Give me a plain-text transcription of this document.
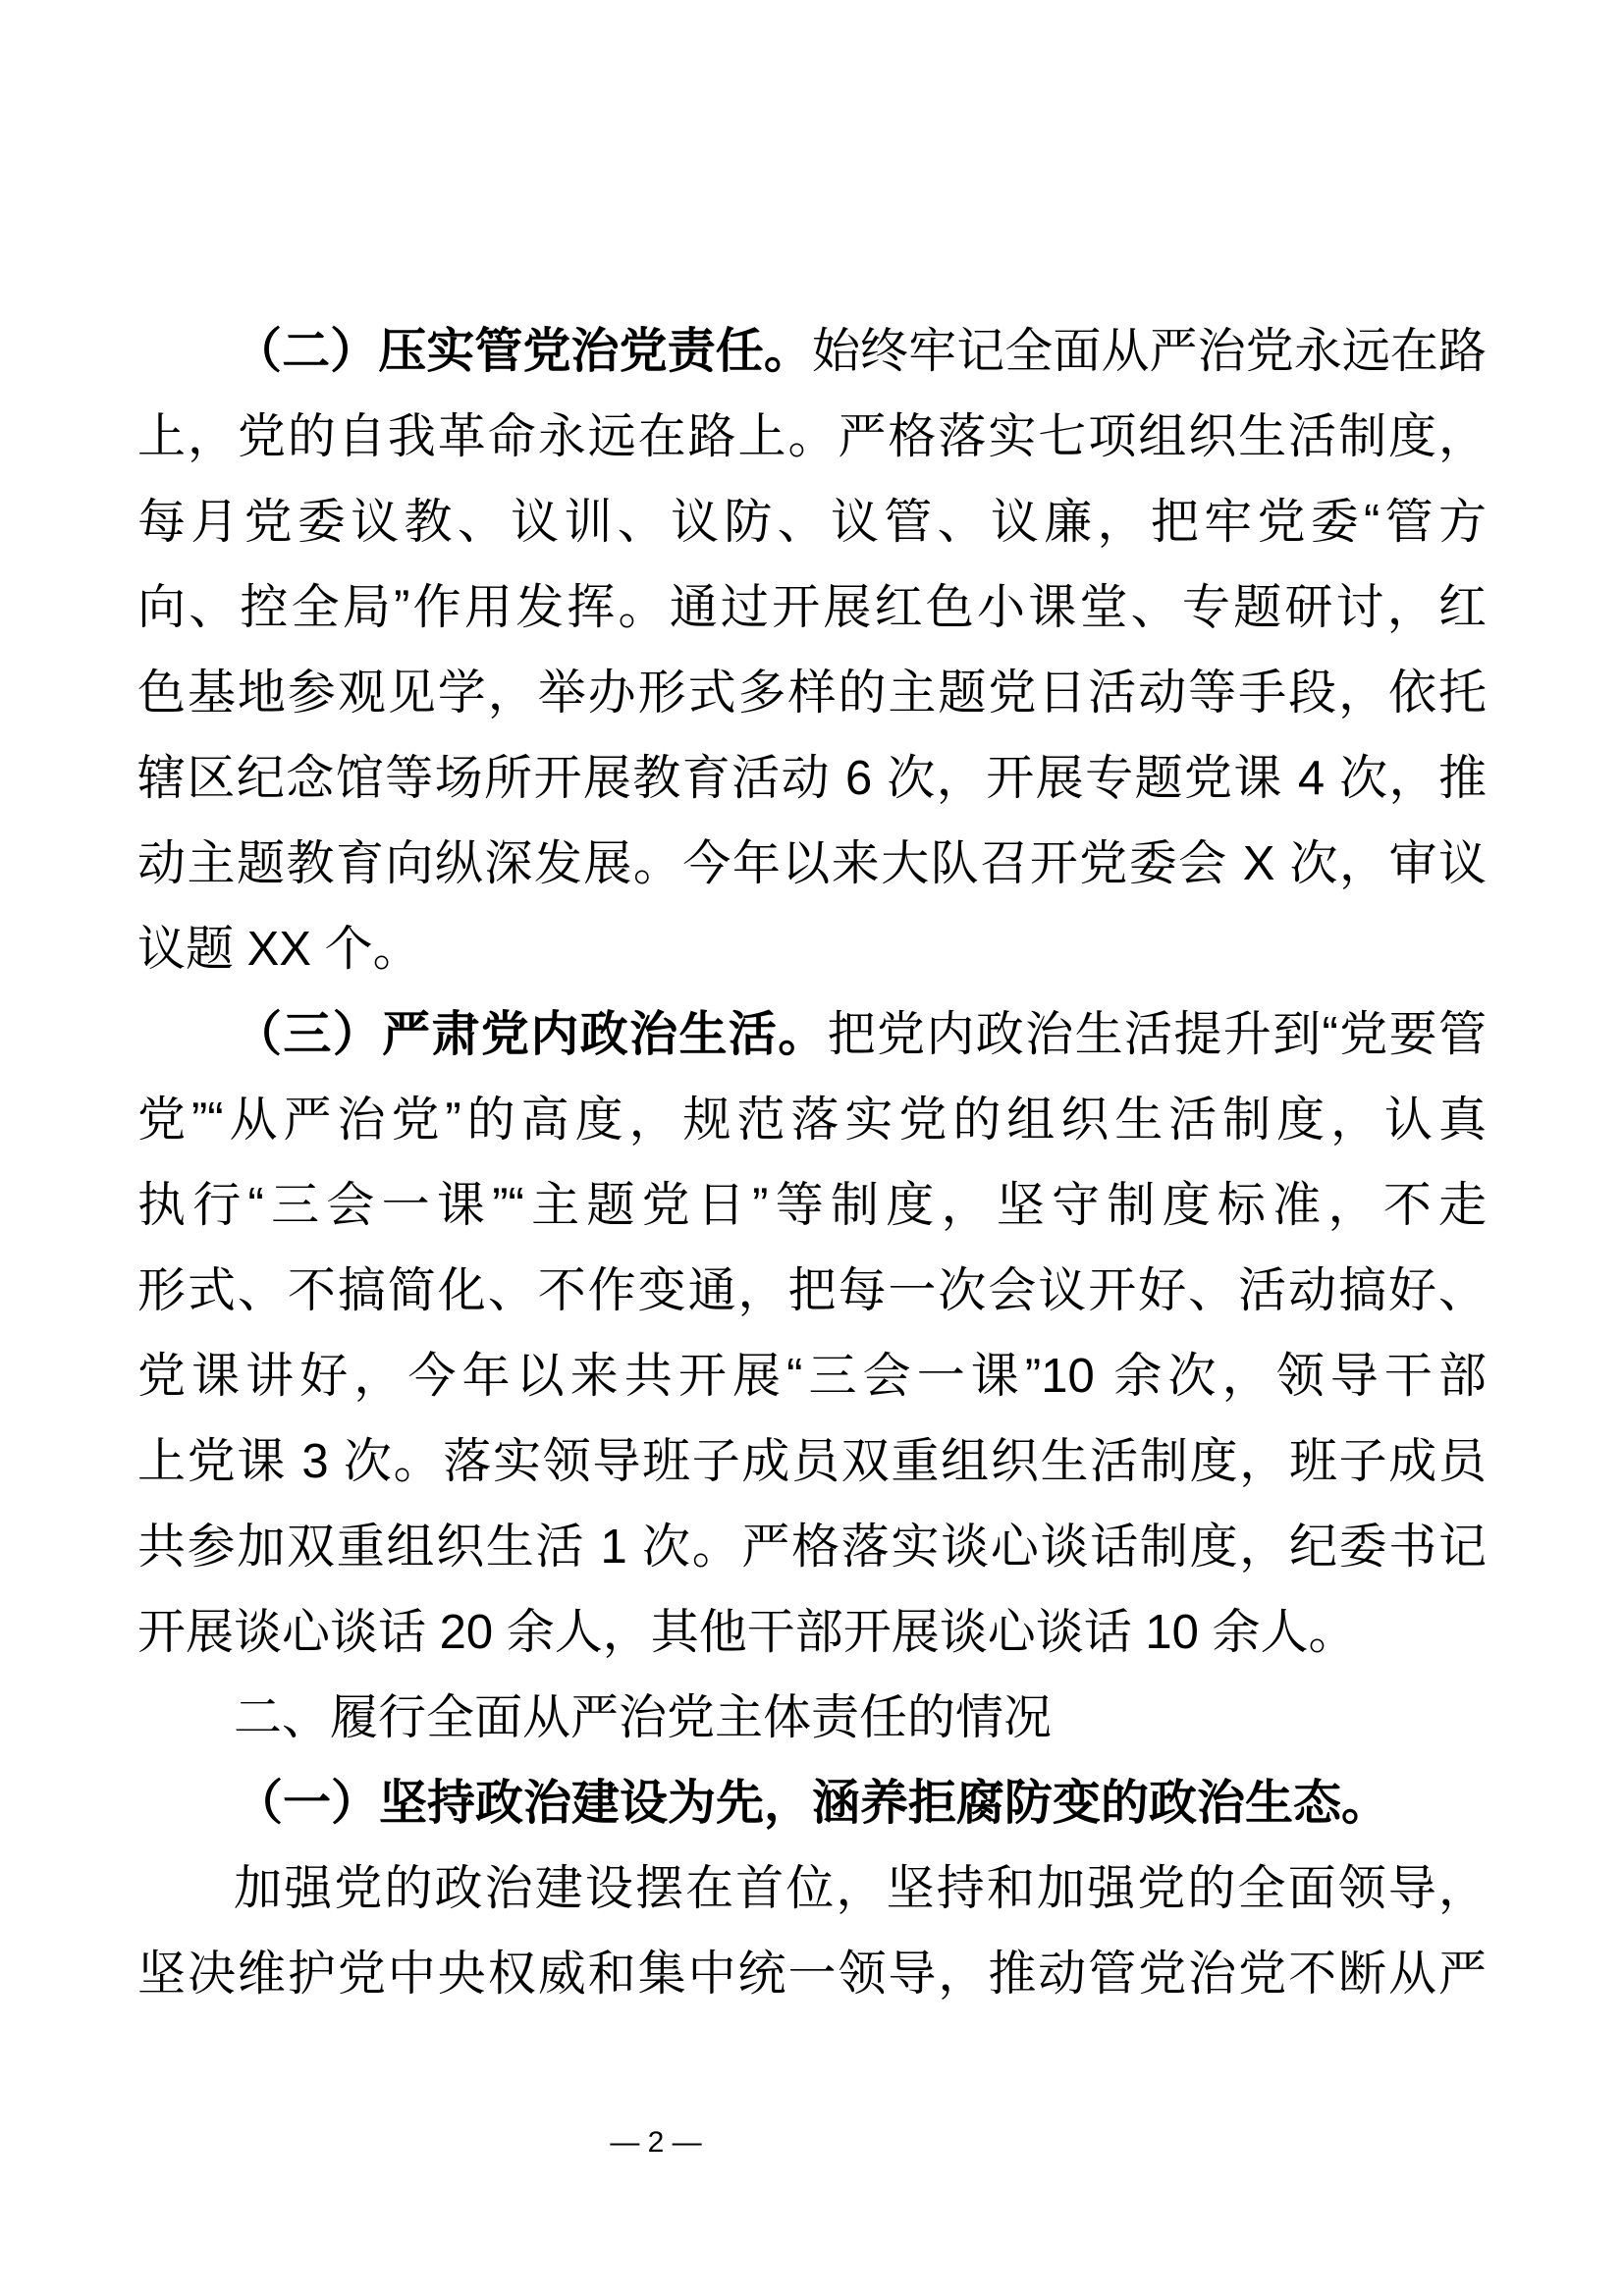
（二）压实管党治党责任。始终牢记全面从严治党永远在路
上，党的自我革命永远在路上。严格落实七项组织生活制度，
每月党委议教、议训、议防、议管、议廉，把牢党委“管方
向、控全局”作用发挥。通过开展红色小课堂、专题研讨，红
色基地参观见学，举办形式多样的主题党日活动等手段，依托
辖区纪念馆等场所开展教育活动 6 次，开展专题党课 4 次，推
动主题教育向纵深发展。今年以来大队召开党委会 X 次，审议
议题 XX 个。
（三）严肃党内政治生活。把党内政治生活提升到“党要管
党”“从严治党”的高度，规范落实党的组织生活制度，认真
执行“三会一课”“主题党日”等制度，坚守制度标准，不走
形式、不搞简化、不作变通，把每一次会议开好、活动搞好、
党课讲好，今年以来共开展“三会一课”10 余次，领导干部
上党课 3 次。落实领导班子成员双重组织生活制度，班子成员
共参加双重组织生活 1 次。严格落实谈心谈话制度，纪委书记
开展谈心谈话 20 余人，其他干部开展谈心谈话 10 余人。
二、履行全面从严治党主体责任的情况
（一）坚持政治建设为先，涵养拒腐防变的政治生态。
加强党的政治建设摆在首位，坚持和加强党的全面领导，
坚决维护党中央权威和集中统一领导，推动管党治党不断从严
— 2 —
